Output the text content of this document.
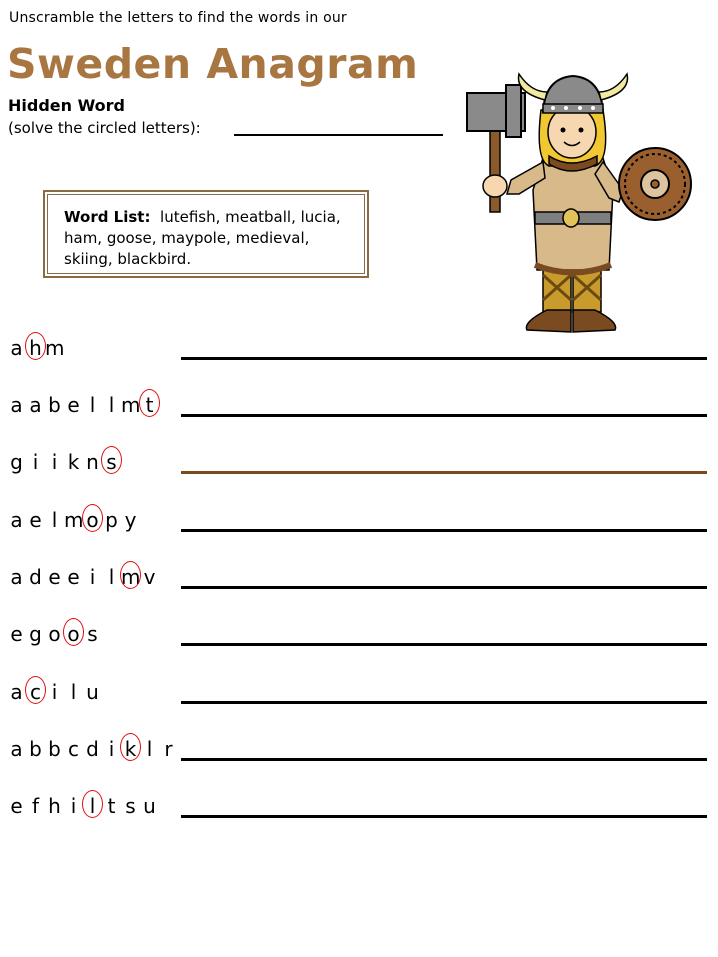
Unscramble the letters to find the words in our
Sweden Anagram
Hidden Word
(solve the circled letters):
Word List: lutefish, meatball, lucia, ham, goose, maypole, medieval, skiing, blackbird.
a h m
a a b e l l m t
g i i k n s
a e l m o p y
a d e e i l m v
e g o o s
a c i l u
a b b c d i k l r
e f h i l t s u
